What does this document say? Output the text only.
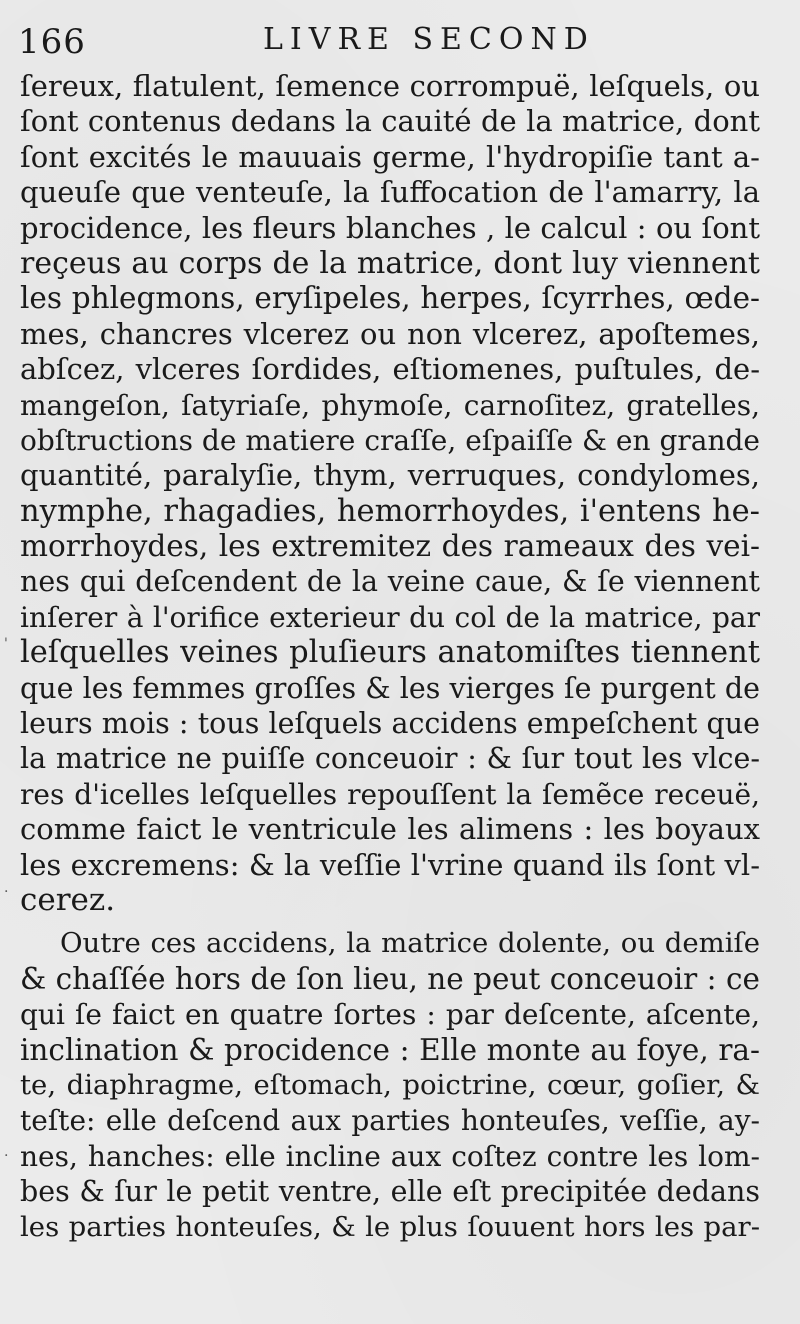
166	LIVRE SECOND
ſereux, flatulent, ſemence corrompuë, leſquels, ou
ſont contenus dedans la cauité de la matrice, dont
ſont excités le mauuais germe, l'hydropiſie tant a-
queuſe que venteuſe, la ſuffocation de l'amarry, la
procidence, les fleurs blanches , le calcul : ou ſont
reçeus au corps de la matrice, dont luy viennent
les phlegmons, eryſipeles, herpes, ſcyrrhes, œde-
mes, chancres vlcerez ou non vlcerez, apoſtemes,
abſcez, vlceres ſordides, eſtiomenes, puſtules, de-
mangeſon, ſatyriaſe, phymoſe, carnoſitez, gratelles,
obſtructions de matiere craſſe, eſpaiſſe & en grande
quantité, paralyſie, thym, verruques, condylomes,
nymphe, rhagadies, hemorrhoydes, i'entens he-
morrhoydes, les extremitez des rameaux des vei-
nes qui deſcendent de la veine caue, & ſe viennent
inſerer à l'orifice exterieur du col de la matrice, par
leſquelles veines pluſieurs anatomiſtes tiennent
que les femmes groſſes & les vierges ſe purgent de
leurs mois : tous leſquels accidens empeſchent que
la matrice ne puiſſe conceuoir : & ſur tout les vlce-
res d'icelles leſquelles repouſſent la ſemẽce receuë,
comme faict le ventricule les alimens : les boyaux
les excremens: & la veſſie l'vrine quand ils ſont vl-
cerez.
Outre ces accidens, la matrice dolente, ou demiſe
& chaſſée hors de ſon lieu, ne peut conceuoir : ce
qui ſe faict en quatre ſortes : par deſcente, aſcente,
inclination & procidence : Elle monte au foye, ra-
te, diaphragme, eſtomach, poictrine, cœur, goſier, &
teſte: elle deſcend aux parties honteuſes, veſſie, ay-
nes, hanches: elle incline aux coſtez contre les lom-
bes & ſur le petit ventre, elle eſt precipitée dedans
les parties honteuſes, & le plus ſouuent hors les par-
'
.
.
